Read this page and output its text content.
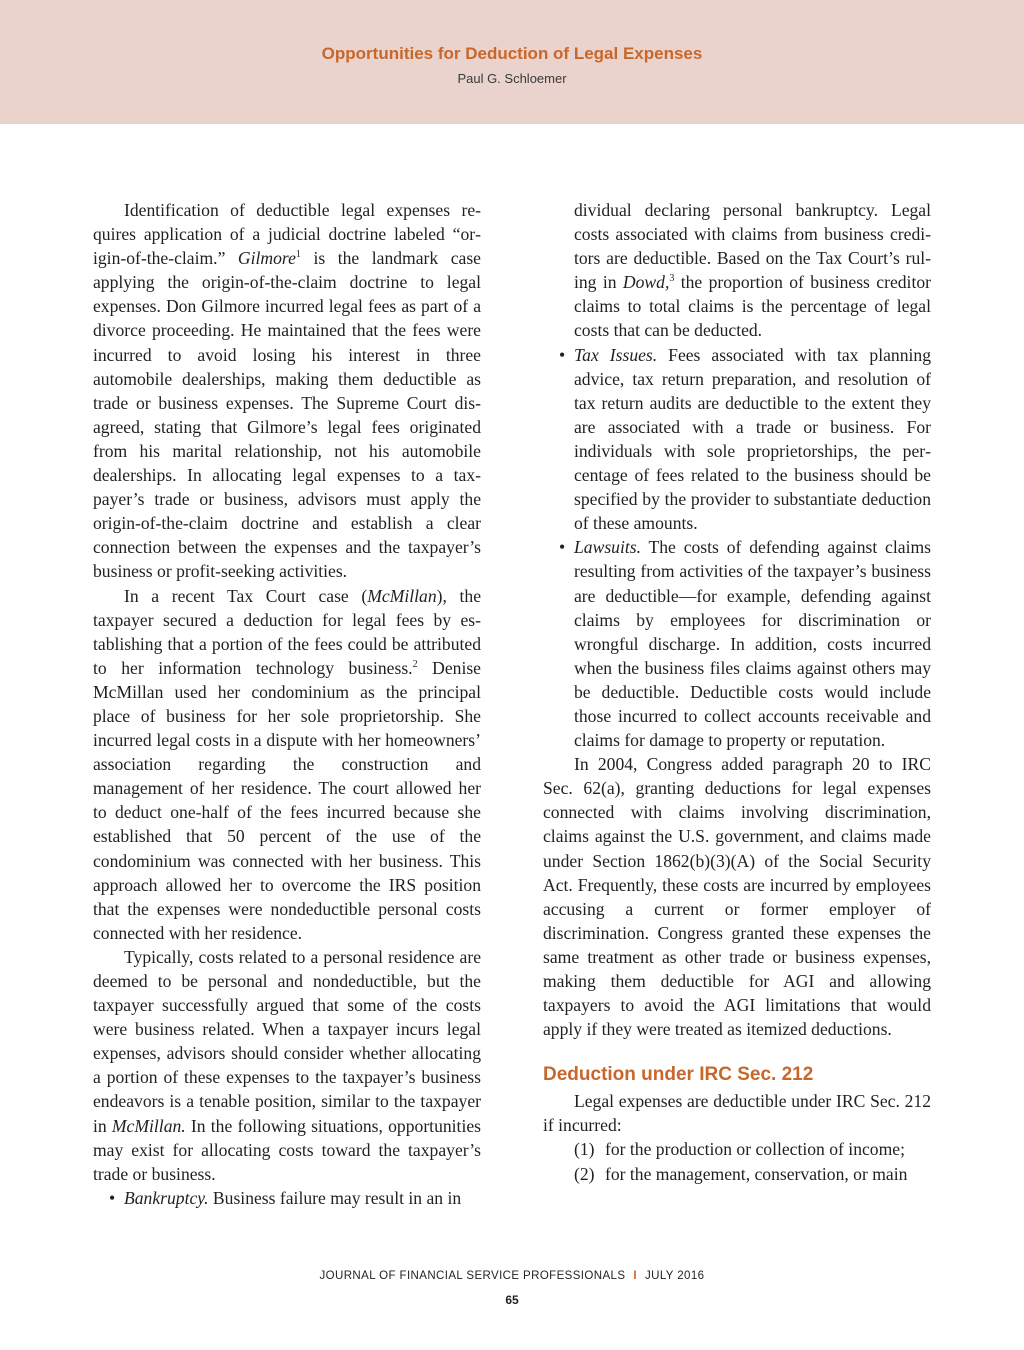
Opportunities for Deduction of Legal Expenses
Paul G. Schloemer

Identification of deductible legal expenses requires application of a judicial doctrine labeled “origin-of-the-claim.” Gilmore$^1$ is the landmark case applying the origin-of-the-claim doctrine to legal expenses. Don Gilmore incurred legal fees as part of a divorce proceeding. He maintained that the fees were incurred to avoid losing his interest in three automobile dealerships, making them deductible as trade or business expenses. The Supreme Court disagreed, stating that Gilmore’s legal fees originated from his marital relationship, not his automobile dealerships. In allocating legal expenses to a taxpayer’s trade or business, advisors must apply the origin-of-the-claim doctrine and establish a clear connection between the expenses and the taxpayer’s business or profit-seeking activities.

In a recent Tax Court case (McMillan), the taxpayer secured a deduction for legal fees by establishing that a portion of the fees could be attributed to her information technology business.$^2$ Denise McMillan used her condominium as the principal place of business for her sole proprietorship. She incurred legal costs in a dispute with her homeowners’ association regarding the construction and management of her residence. The court allowed her to deduct one-half of the fees incurred because she established that 50 percent of the use of the condominium was connected with her business. This approach allowed her to overcome the IRS position that the expenses were nondeductible personal costs connected with her residence.

Typically, costs related to a personal residence are deemed to be personal and nondeductible, but the taxpayer successfully argued that some of the costs were business related. When a taxpayer incurs legal expenses, advisors should consider whether allocating a portion of these expenses to the taxpayer’s business endeavors is a tenable position, similar to the taxpayer in McMillan. In the following situations, opportunities may exist for allocating costs toward the taxpayer’s trade or business.

• Bankruptcy. Business failure may result in an in

dividual declaring personal bankruptcy. Legal costs associated with claims from business creditors are deductible. Based on the Tax Court’s ruling in Dowd,$^3$ the proportion of business creditor claims to total claims is the percentage of legal costs that can be deducted.

• Tax Issues. Fees associated with tax planning advice, tax return preparation, and resolution of tax return audits are deductible to the extent they are associated with a trade or business. For individuals with sole proprietorships, the percentage of fees related to the business should be specified by the provider to substantiate deduction of these amounts.

• Lawsuits. The costs of defending against claims resulting from activities of the taxpayer’s business are deductible—for example, defending against claims by employees for discrimination or wrongful discharge. In addition, costs incurred when the business files claims against others may be deductible. Deductible costs would include those incurred to collect accounts receivable and claims for damage to property or reputation.

In 2004, Congress added paragraph 20 to IRC Sec. 62(a), granting deductions for legal expenses connected with claims involving discrimination, claims against the U.S. government, and claims made under Section 1862(b)(3)(A) of the Social Security Act. Frequently, these costs are incurred by employees accusing a current or former employer of discrimination. Congress granted these expenses the same treatment as other trade or business expenses, making them deductible for AGI and allowing taxpayers to avoid the AGI limitations that would apply if they were treated as itemized deductions.

Deduction under IRC Sec. 212

Legal expenses are deductible under IRC Sec. 212 if incurred:

(1) for the production or collection of income;

(2) for the management, conservation, or main

JOURNAL OF FINANCIAL SERVICE PROFESSIONALS I JULY 2016
65
